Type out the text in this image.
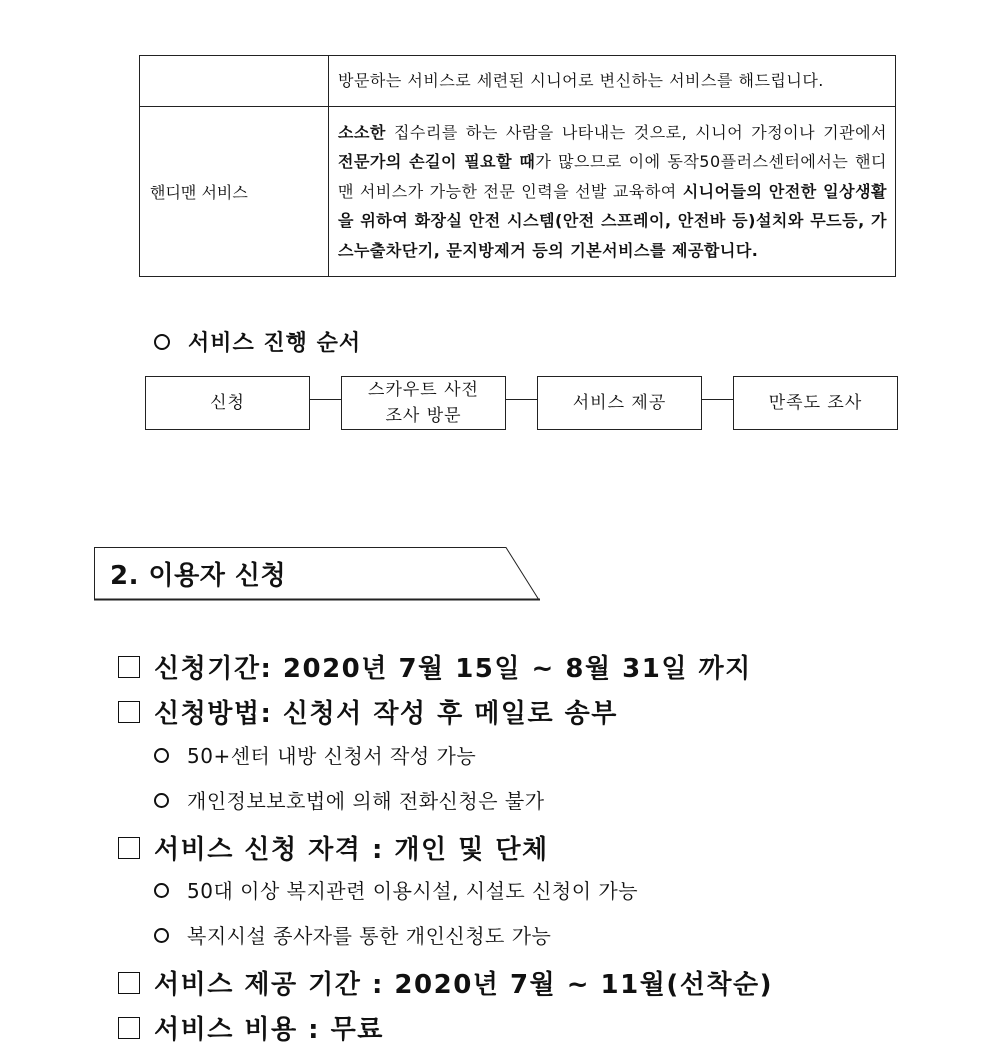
	방문하는 서비스로 세련된 시니어로 변신하는 서비스를 해드립니다.
핸디맨 서비스	소소한 집수리를 하는 사람을 나타내는 것으로, 시니어 가정이나 기관에서 전문가의 손길이 필요할 때가 많으므로 이에 동작50플러스센터에서는 핸디맨 서비스가 가능한 전문 인력을 선발 교육하여 시니어들의 안전한 일상생활을 위하여 화장실 안전 시스템(안전 스프레이, 안전바 등)설치와 무드등, 가스누출차단기, 문지방제거 등의 기본서비스를 제공합니다.
서비스 진행 순서
신청
스카우트 사전
조사 방문
서비스 제공	만족도 조사
2. 이용자 신청
신청기간: 2020년 7월 15일 ~ 8월 31일 까지
신청방법: 신청서 작성 후 메일로 송부
50+센터 내방 신청서 작성 가능
개인정보보호법에 의해 전화신청은 불가
서비스 신청 자격 : 개인 및 단체
50대 이상 복지관련 이용시설, 시설도 신청이 가능
복지시설 종사자를 통한 개인신청도 가능
서비스 제공 기간 : 2020년 7월 ~ 11월(선착순)
서비스 비용 : 무료
